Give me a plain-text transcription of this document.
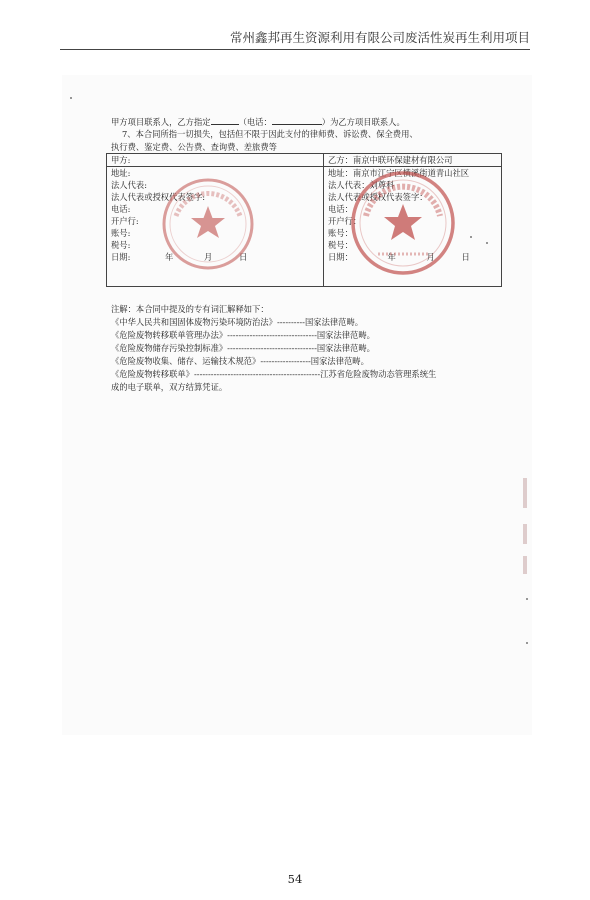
常州鑫邦再生资源利用有限公司废活性炭再生利用项目
甲方项目联系人，乙方指定	（电话：	）为乙方项目联系人。
7、本合同所指一切损失，包括但不限于因此支付的律师费、诉讼费、保全费用、
执行费、鉴定费、公告费、查询费、差旅费等
甲方:
地址:
法人代表:
法人代表或授权代表签字:
电话:
开户行:
账号:
税号:
日期:	年	月	日
乙方：南京中联环保建材有限公司
地址：南京市江宁区横溪街道青山社区
法人代表：刘尊科
法人代表或授权代表签字：
电话：
开户行：
账号：
税号：
日期：	年	月	日
注解：本合同中提及的专有词汇解释如下：
《中华人民共和国固体废物污染环境防治法》----------国家法律范畴。
《危险废物转移联单管理办法》--------------------------------国家法律范畴。
《危险废物储存污染控制标准》--------------------------------国家法律范畴。
《危险废物收集、储存、运输技术规范》------------------国家法律范畴。
《危险废物转移联单》---------------------------------------------江苏省危险废物动态管理系统生
成的电子联单，双方结算凭证。
54
